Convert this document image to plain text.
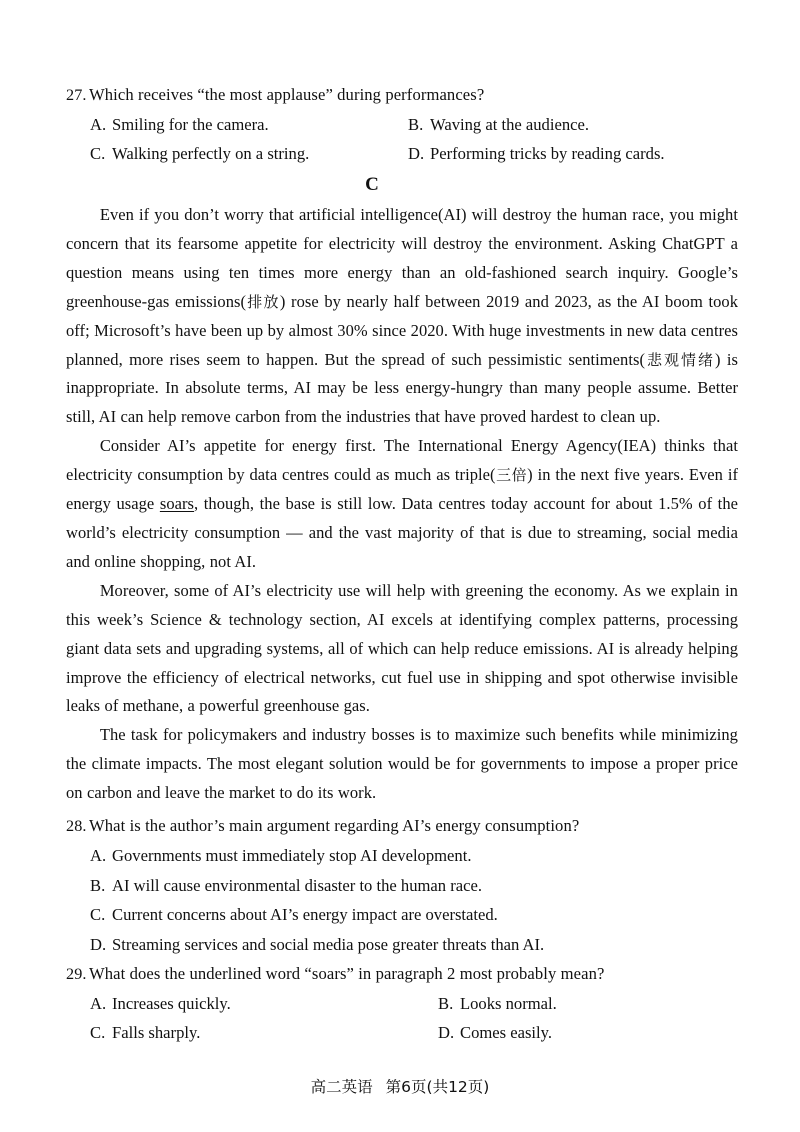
27. Which receives “the most applause” during performances?
A. Smiling for the camera.	B. Waving at the audience.
C. Walking perfectly on a string.	D. Performing tricks by reading cards.
C

Even if you don’t worry that artificial intelligence(AI) will destroy the human race, you might concern that its fearsome appetite for electricity will destroy the environment. Asking ChatGPT a question means using ten times more energy than an old-fashioned search inquiry. Google’s greenhouse-gas emissions(排放) rose by nearly half between 2019 and 2023, as the AI boom took off; Microsoft’s have been up by almost 30% since 2020. With huge investments in new data centres planned, more rises seem to happen. But the spread of such pessimistic sentiments(悲观情绪) is inappropriate. In absolute terms, AI may be less energy-hungry than many people assume. Better still, AI can help remove carbon from the industries that have proved hardest to clean up.

Consider AI’s appetite for energy first. The International Energy Agency(IEA) thinks that electricity consumption by data centres could as much as triple(三倍) in the next five years. Even if energy usage soars, though, the base is still low. Data centres today account for about 1.5% of the world’s electricity consumption — and the vast majority of that is due to streaming, social media and online shopping, not AI.

Moreover, some of AI’s electricity use will help with greening the economy. As we explain in this week’s Science & technology section, AI excels at identifying complex patterns, processing giant data sets and upgrading systems, all of which can help reduce emissions. AI is already helping improve the efficiency of electrical networks, cut fuel use in shipping and spot otherwise invisible leaks of methane, a powerful greenhouse gas.

The task for policymakers and industry bosses is to maximize such benefits while minimizing the climate impacts. The most elegant solution would be for governments to impose a proper price on carbon and leave the market to do its work.

28. What is the author’s main argument regarding AI’s energy consumption?
A. Governments must immediately stop AI development.
B. AI will cause environmental disaster to the human race.
C. Current concerns about AI’s energy impact are overstated.
D. Streaming services and social media pose greater threats than AI.
29. What does the underlined word “soars” in paragraph 2 most probably mean?
A. Increases quickly.	B. Looks normal.
C. Falls sharply.	D. Comes easily.
高二英语 第6页(共12页)
